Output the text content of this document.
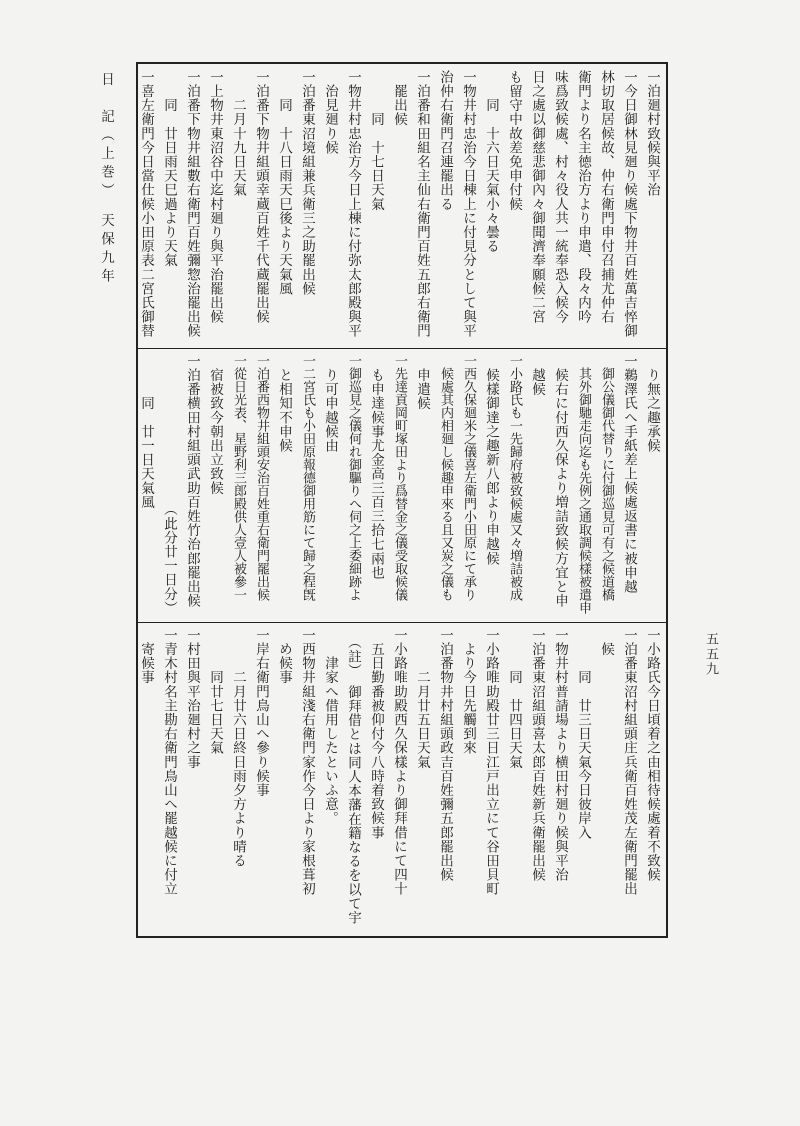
日　記（上巻）　天保九年
五五九
一泊廻村致候與平治
一今日御林見廻り候處下物井百姓萬吉悴御
林切取居候故、仲右衛門申付召捕尤仲右
衛門より名主徳治方より申遣、段々内吟
味爲致候處、村々役人共一統奉恐入候今
日之處以御慈悲御內々御聞濟奉願候二宮
も留守中故差免申付候
　　同　十六日天氣小々曇る
一物井村忠治今日棟上に付見分として與平
治仲右衛門召連罷出る
一泊番和田組名主仙右衛門百姓五郎右衛門
　罷出候
　　　同　十七日天氣
一物井村忠治方今日上棟に付弥太郎殿與平
　治見廻り候
一泊番東沼境組兼兵衛三之助罷出候
　　同　十八日雨天巳後より天氣風
一泊番下物井組頭幸蔵百姓千代蔵罷出候
　　二月十九日天氣
一上物井東沼谷中迄村廻り與平治罷出候
一泊番下物井組數右衛門百姓彌惣治罷出候
　　同　廿日雨天巳過より天氣
一喜左衛門今日當仕候小田原表二宮氏御替
　り無之趣承候
一鵜澤氏へ手紙差上候處返書に被申越
　御公儀御代替りに付御巡見可有之候道橋
　其外御馳走向迄も先例之通取調候樣被遣申
　候右に付西久保より増詰致候方宜と申
　越候
一小路氏も一先歸府被致候處又々増詰被成
　候樣御達之趣新八郎より申越候
一西久保廻米之儀喜左衛門小田原にて承り
　候處其内相廻し候趣申來る且又炭之儀も
　申遣候
一先達貢岡町塚田より爲替金之儀受取候儀
　も申達候事尤金高三百三拾七兩也
一御巡見之儀何れ御驅りへ伺之上委細跡よ
　り可申越候由
一二宮氏も小田原報德御用筋にて歸之程旣
　と相知不申候
一泊番西物井組頭安治百姓重右衛門罷出候
一從日光表、星野利三郎殿供人壹人被參一
　宿被致今朝出立致候
一泊番横田村組頭武助百姓竹治郎罷出候
　　　　　　　　　　　（此分廿一日分）
　　　同　廿一日天氣風
一小路氏今日頃着之由相待候處着不致候
一泊番東沼村組頭庄兵衛百姓茂左衛門罷出
　候
　　　同　廿三日天氣今日彼岸入
一物井村普請場より横田村廻り候與平治
一泊番東沼組頭喜太郎百姓新兵衛罷出候
　　　同　廿四日天氣
一小路唯助殿廿三日江戸出立にて谷田貝町
　より今日先觸到來
一泊番物井村組頭政吉百姓彌五郎罷出候
　　　二月廿五日天氣
一小路唯助殿西久保樣より御拜借にて四十
　五日勤番被仰付今八時着致候事
　（註）　御拜借とは同人本藩在籍なるを以て宇
　　津家へ借用したといふ意。
一西物井組淺右衛門家作今日より家根葺初
　め候事
一岸右衛門鳥山へ參り候事
　　　二月廿六日終日雨夕方より晴る
　　　同廿七日天氣
一村田與平治廻村之事
一青木村名主勘右衛門鳥山へ罷越候に付立
　寄候事
